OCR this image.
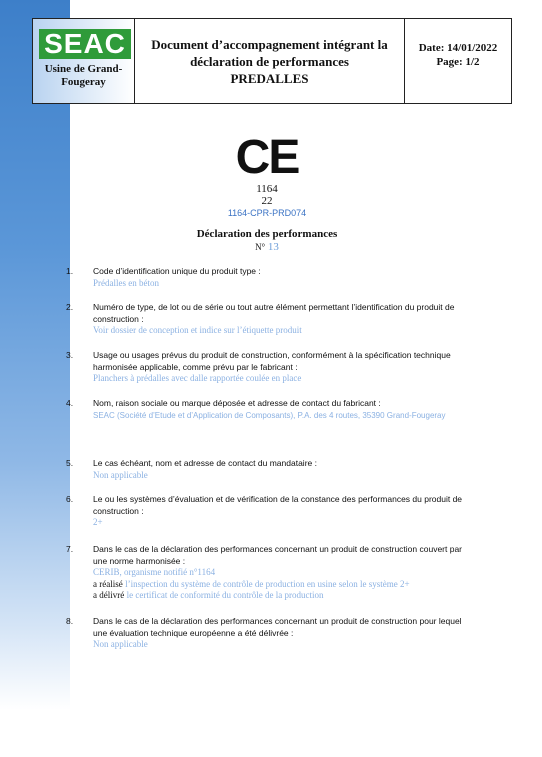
SEAC
Usine de Grand-Fougeray
Document d’accompagnement intégrant la
déclaration de performances
PREDALLES
Date: 14/01/2022
Page: 1/2
CE
1164
22
1164-CPR-PRD074
Déclaration des performances
N° 13
1.	Code d’identification unique du produit type :
Prédalles en béton
2.	Numéro de type, de lot ou de série ou tout autre élément permettant l’identification du produit de construction :
Voir dossier de conception et indice sur l’étiquette produit
3.	Usage ou usages prévus du produit de construction, conformément à la spécification technique harmonisée applicable, comme prévu par le fabricant :
Planchers à prédalles avec dalle rapportée coulée en place
4.	Nom, raison sociale ou marque déposée et adresse de contact du fabricant :
SEAC (Société d’Etude et d’Application de Composants), P.A. des 4 routes, 35390 Grand-Fougeray
5.	Le cas échéant, nom et adresse de contact du mandataire :
Non applicable
6.	Le ou les systèmes d’évaluation et de vérification de la constance des performances du produit de construction :
2+
7.	Dans le cas de la déclaration des performances concernant un produit de construction couvert par une norme harmonisée :
CERIB, organisme notifié n°1164
a réalisé l’inspection du système de contrôle de production en usine selon le système 2+
a délivré le certificat de conformité du contrôle de la production
8.	Dans le cas de la déclaration des performances concernant un produit de construction pour lequel une évaluation technique européenne a été délivrée :
Non applicable
